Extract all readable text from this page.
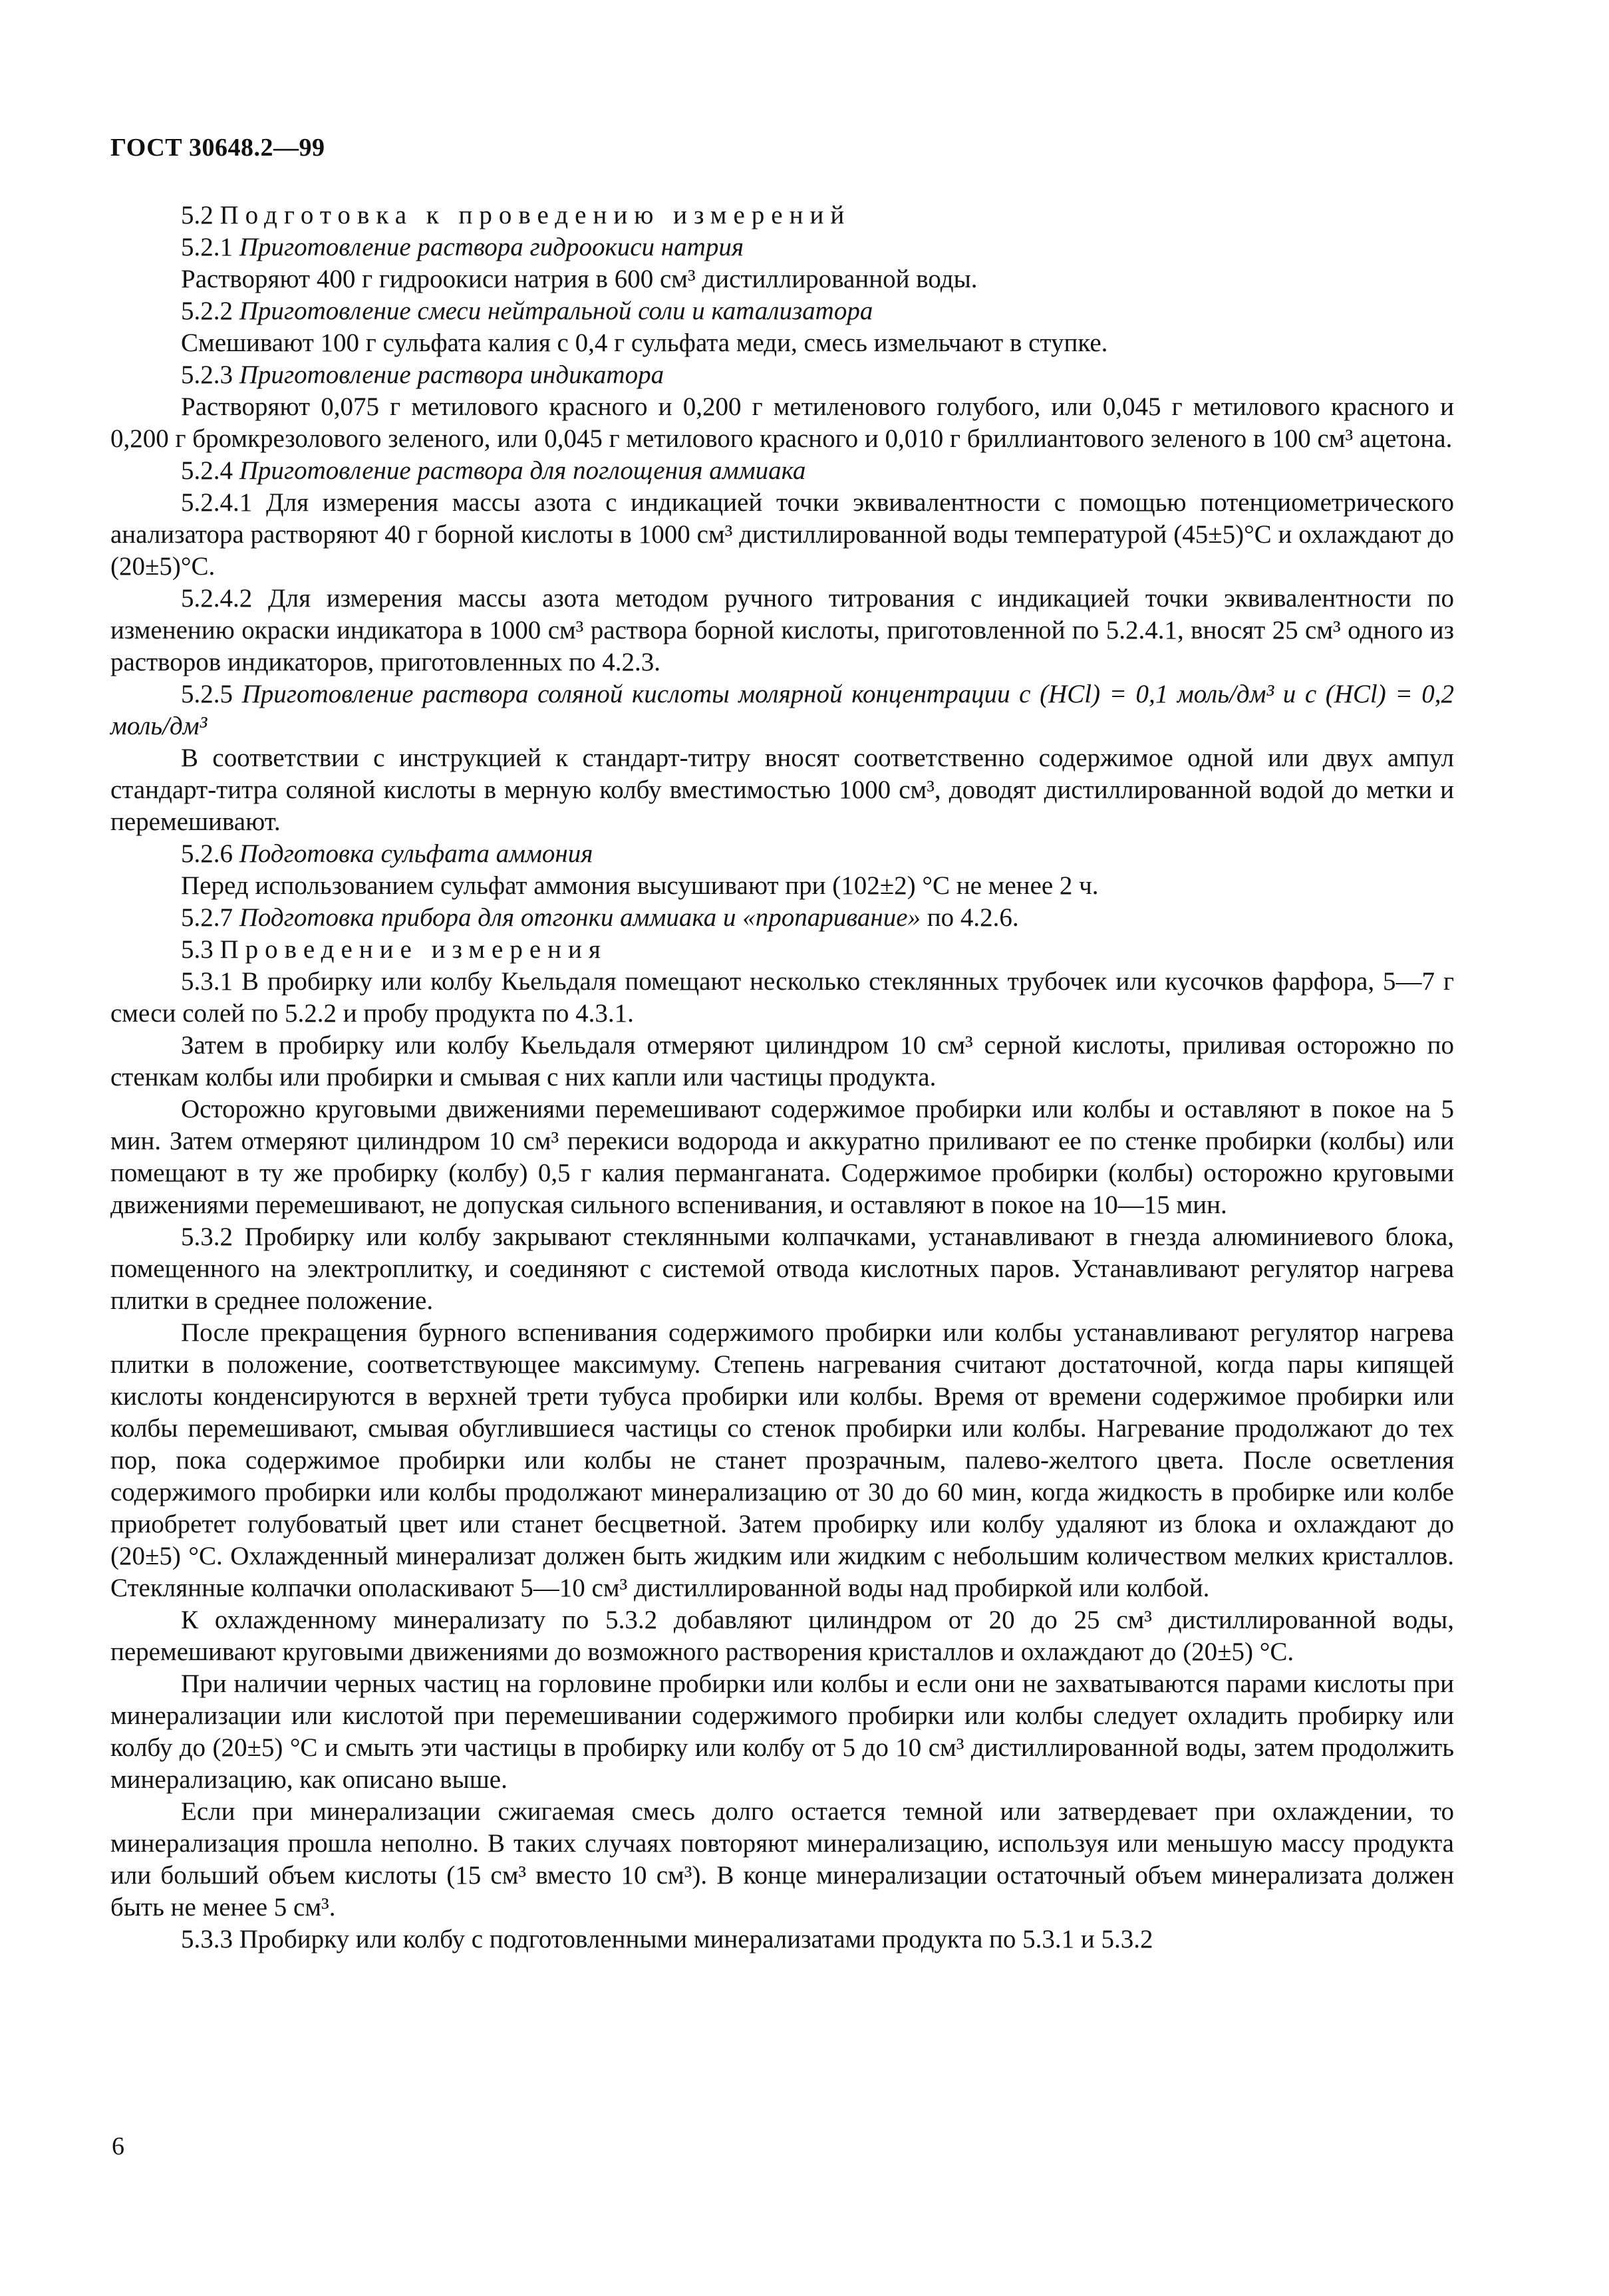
ГОСТ 30648.2—99

5.2 Подготовка к проведению измерений

5.2.1 Приготовление раствора гидроокиси натрия

Растворяют 400 г гидроокиси натрия в 600 см³ дистиллированной воды.

5.2.2 Приготовление смеси нейтральной соли и катализатора

Смешивают 100 г сульфата калия с 0,4 г сульфата меди, смесь измельчают в ступке.

5.2.3 Приготовление раствора индикатора

Растворяют 0,075 г метилового красного и 0,200 г метиленового голубого, или 0,045 г метилового красного и 0,200 г бромкрезолового зеленого, или 0,045 г метилового красного и 0,010 г бриллиантового зеленого в 100 см³ ацетона.

5.2.4 Приготовление раствора для поглощения аммиака

5.2.4.1 Для измерения массы азота с индикацией точки эквивалентности с помощью потенциометрического анализатора растворяют 40 г борной кислоты в 1000 см³ дистиллированной воды температурой (45±5)°С и охлаждают до (20±5)°С.

5.2.4.2 Для измерения массы азота методом ручного титрования с индикацией точки эквивалентности по изменению окраски индикатора в 1000 см³ раствора борной кислоты, приготовленной по 5.2.4.1, вносят 25 см³ одного из растворов индикаторов, приготовленных по 4.2.3.

5.2.5 Приготовление раствора соляной кислоты молярной концентрации с (НCl) = 0,1 моль/дм³ и с (НCl) = 0,2 моль/дм³

В соответствии с инструкцией к стандарт-титру вносят соответственно содержимое одной или двух ампул стандарт-титра соляной кислоты в мерную колбу вместимостью 1000 см³, доводят дистиллированной водой до метки и перемешивают.

5.2.6 Подготовка сульфата аммония

Перед использованием сульфат аммония высушивают при (102±2) °С не менее 2 ч.

5.2.7 Подготовка прибора для отгонки аммиака и «пропаривание» по 4.2.6.

5.3 Проведение измерения

5.3.1 В пробирку или колбу Кьельдаля помещают несколько стеклянных трубочек или кусочков фарфора, 5—7 г смеси солей по 5.2.2 и пробу продукта по 4.3.1.

Затем в пробирку или колбу Кьельдаля отмеряют цилиндром 10 см³ серной кислоты, приливая осторожно по стенкам колбы или пробирки и смывая с них капли или частицы продукта.

Осторожно круговыми движениями перемешивают содержимое пробирки или колбы и оставляют в покое на 5 мин. Затем отмеряют цилиндром 10 см³ перекиси водорода и аккуратно приливают ее по стенке пробирки (колбы) или помещают в ту же пробирку (колбу) 0,5 г калия перманганата. Содержимое пробирки (колбы) осторожно круговыми движениями перемешивают, не допуская сильного вспенивания, и оставляют в покое на 10—15 мин.

5.3.2 Пробирку или колбу закрывают стеклянными колпачками, устанавливают в гнезда алюминиевого блока, помещенного на электроплитку, и соединяют с системой отвода кислотных паров. Устанавливают регулятор нагрева плитки в среднее положение.

После прекращения бурного вспенивания содержимого пробирки или колбы устанавливают регулятор нагрева плитки в положение, соответствующее максимуму. Степень нагревания считают достаточной, когда пары кипящей кислоты конденсируются в верхней трети тубуса пробирки или колбы. Время от времени содержимое пробирки или колбы перемешивают, смывая обуглившиеся частицы со стенок пробирки или колбы. Нагревание продолжают до тех пор, пока содержимое пробирки или колбы не станет прозрачным, палево-желтого цвета. После осветления содержимого пробирки или колбы продолжают минерализацию от 30 до 60 мин, когда жидкость в пробирке или колбе приобретет голубоватый цвет или станет бесцветной. Затем пробирку или колбу удаляют из блока и охлаждают до (20±5) °С. Охлажденный минерализат должен быть жидким или жидким с небольшим количеством мелких кристаллов. Стеклянные колпачки ополаскивают 5—10 см³ дистиллированной воды над пробиркой или колбой.

К охлажденному минерализату по 5.3.2 добавляют цилиндром от 20 до 25 см³ дистиллированной воды, перемешивают круговыми движениями до возможного растворения кристаллов и охлаждают до (20±5) °С.

При наличии черных частиц на горловине пробирки или колбы и если они не захватываются парами кислоты при минерализации или кислотой при перемешивании содержимого пробирки или колбы следует охладить пробирку или колбу до (20±5) °С и смыть эти частицы в пробирку или колбу от 5 до 10 см³ дистиллированной воды, затем продолжить минерализацию, как описано выше.

Если при минерализации сжигаемая смесь долго остается темной или затвердевает при охлаждении, то минерализация прошла неполно. В таких случаях повторяют минерализацию, используя или меньшую массу продукта или больший объем кислоты (15 см³ вместо 10 см³). В конце минерализации остаточный объем минерализата должен быть не менее 5 см³.

5.3.3 Пробирку или колбу с подготовленными минерализатами продукта по 5.3.1 и 5.3.2

6
